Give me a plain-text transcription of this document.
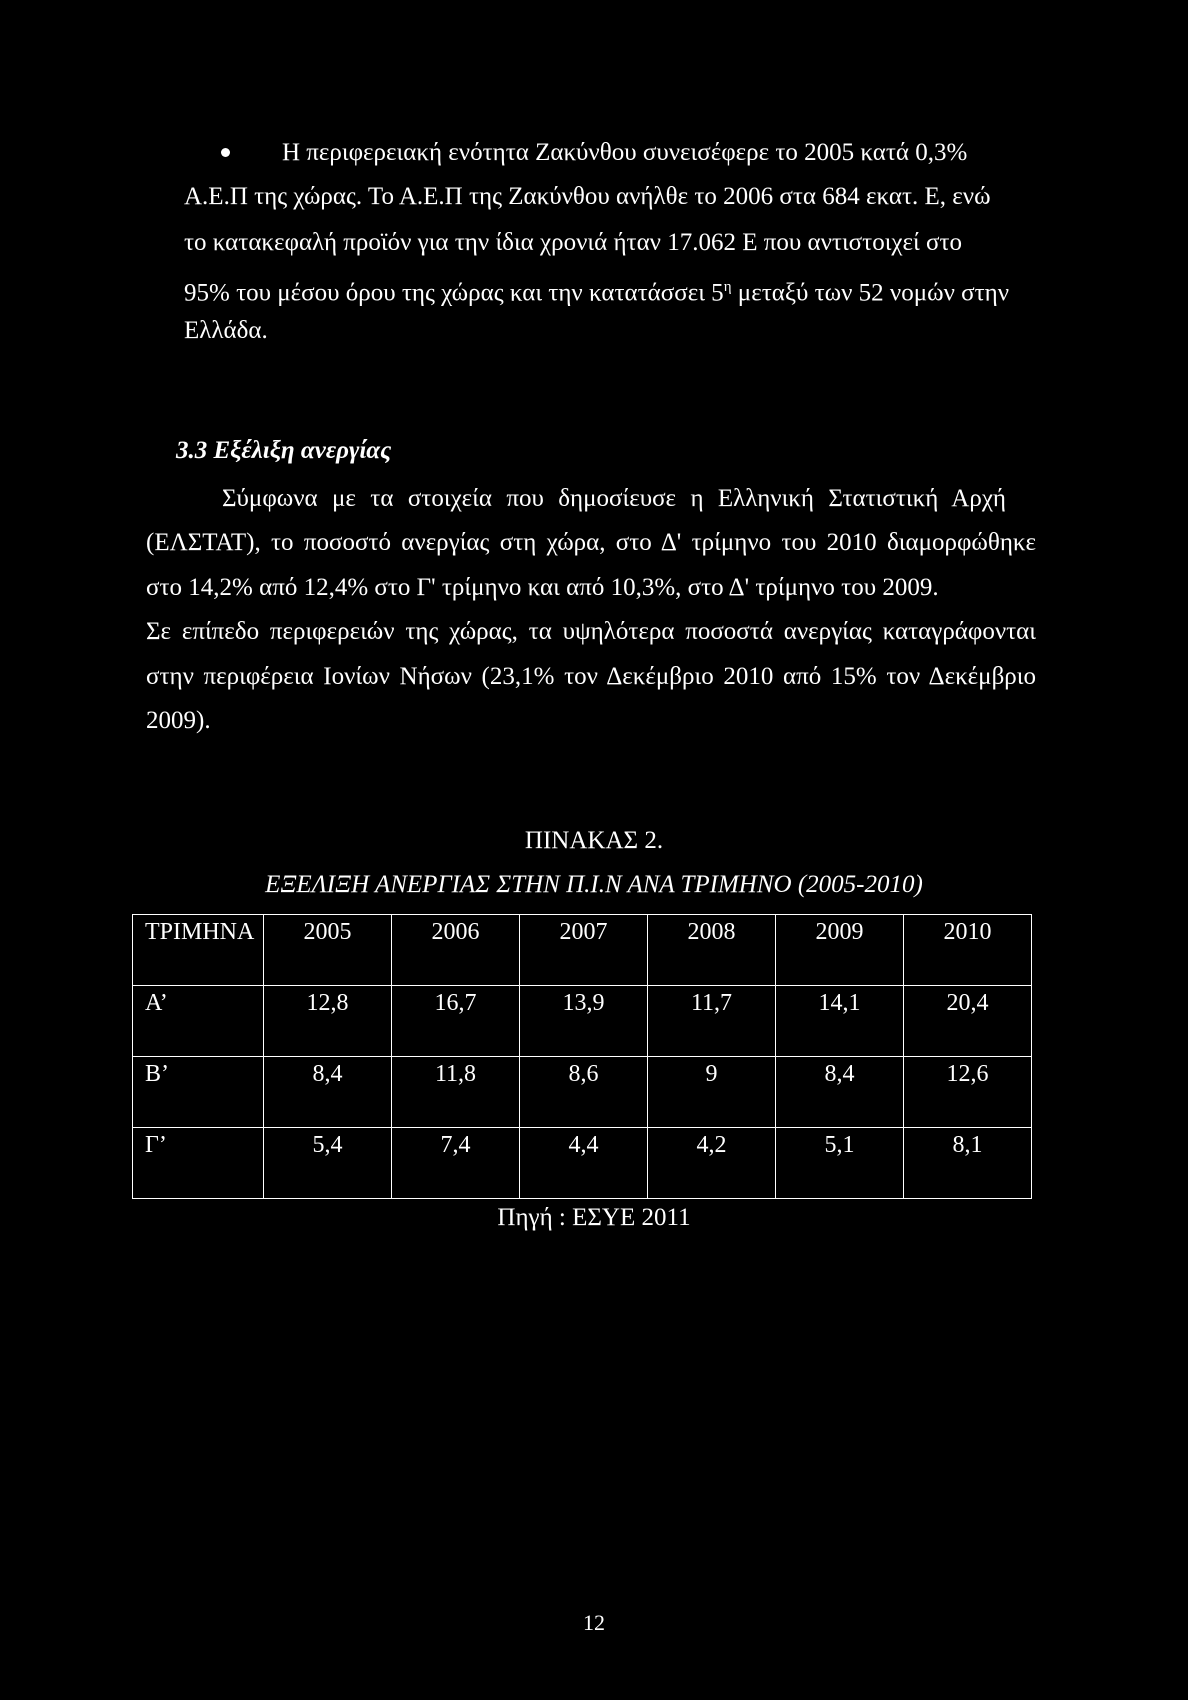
Η περιφερειακή ενότητα Ζακύνθου συνεισέφερε το 2005 κατά 0,3%
Α.Ε.Π της χώρας. Το Α.Ε.Π της Ζακύνθου ανήλθε το 2006 στα 684 εκατ. Ε, ενώ
το κατακεφαλή προϊόν για την ίδια χρονιά ήταν 17.062 Ε που αντιστοιχεί στο
95% του μέσου όρου της χώρας και την κατατάσσει $5^\eta$ μεταξύ των 52 νομών στην
Ελλάδα.
3.3 Εξέλιξη ανεργίας
Σύμφωνα με τα στοιχεία που δημοσίευσε η Ελληνική Στατιστική Αρχή
(ΕΛΣΤΑΤ), το ποσοστό ανεργίας στη χώρα, στο Δ' τρίμηνο του 2010 διαμορφώθηκε
στο 14,2% από 12,4% στο Γ' τρίμηνο και από 10,3%, στο Δ' τρίμηνο του 2009.
Σε επίπεδο περιφερειών της χώρας, τα υψηλότερα ποσοστά ανεργίας καταγράφονται
στην περιφέρεια Ιονίων Νήσων (23,1% τον Δεκέμβριο 2010 από 15% τον Δεκέμβριο
2009).
ΠΙΝΑΚΑΣ 2.
ΕΞΕΛΙΞΗ ΑΝΕΡΓΙΑΣ ΣΤΗΝ Π.Ι.Ν ΑΝΑ ΤΡΙΜΗΝΟ (2005-2010)
ΤΡΙΜΗΝΑ	2005	2006	2007	2008	2009	2010
Α’	12,8	16,7	13,9	11,7	14,1	20,4
Β’	8,4	11,8	8,6	9	8,4	12,6
Γ’	5,4	7,4	4,4	4,2	5,1	8,1
Πηγή : ΕΣΥΕ 2011
12
